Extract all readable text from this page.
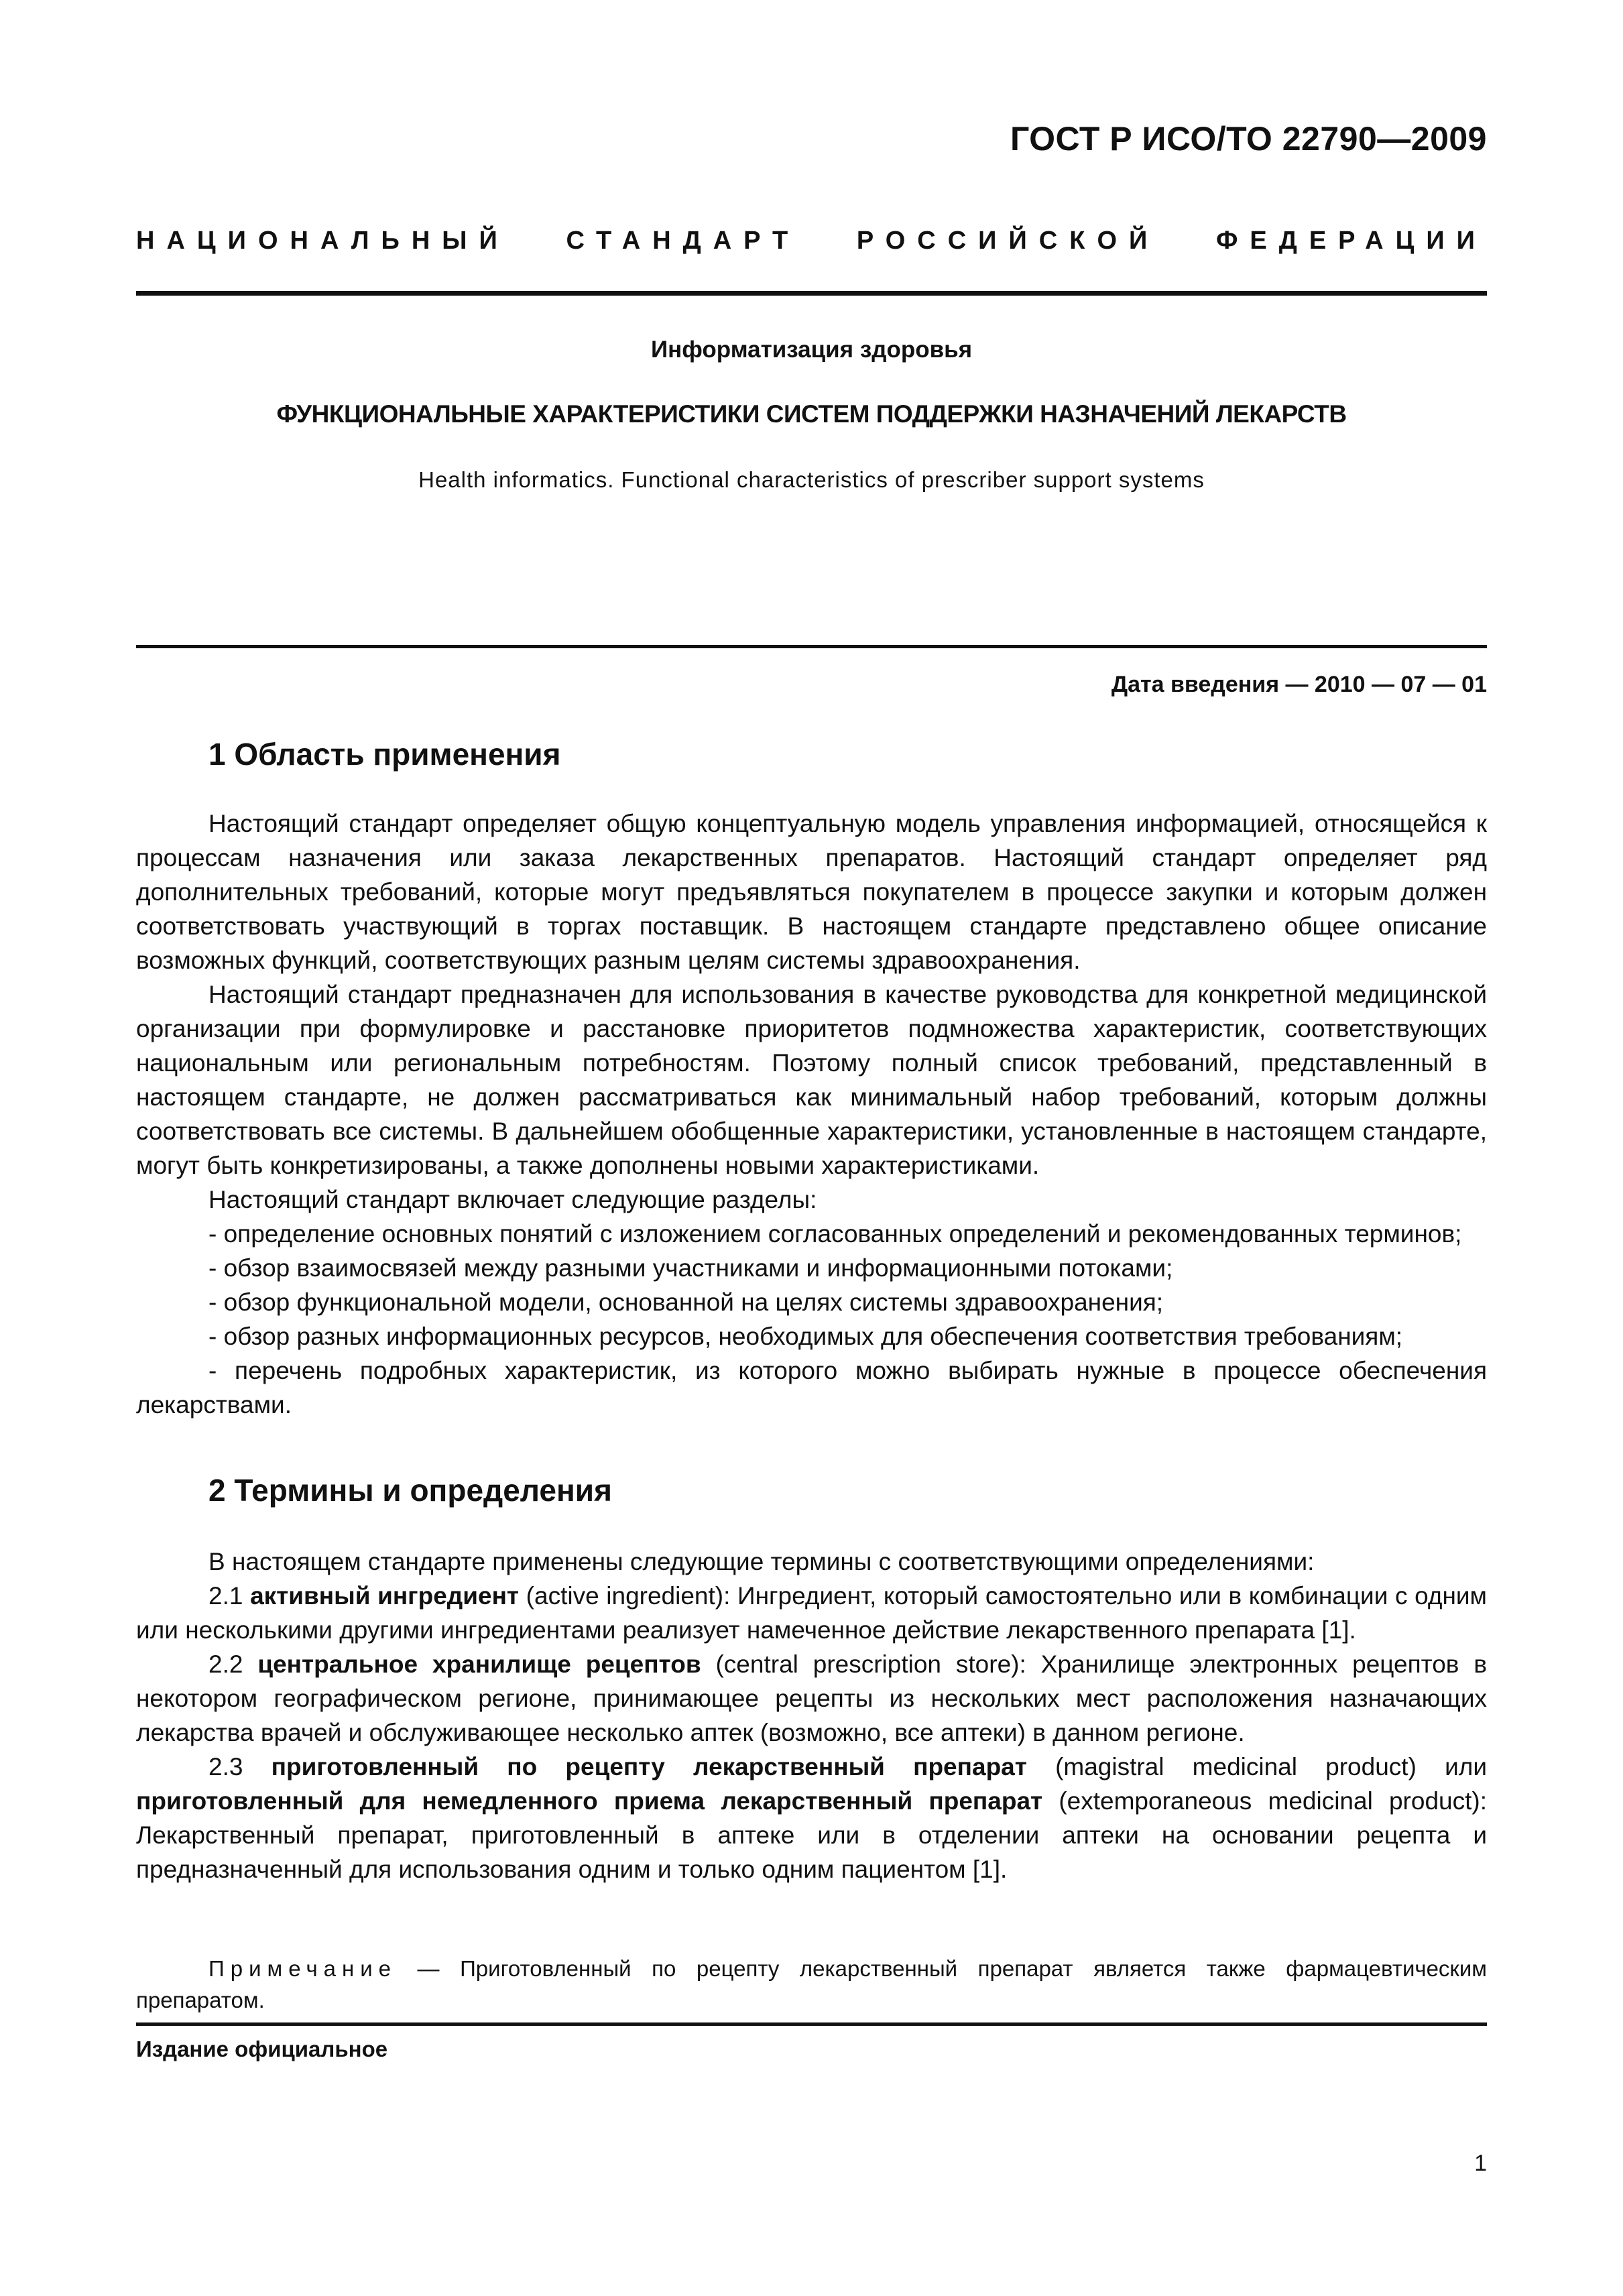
ГОСТ Р ИСО/ТО 22790—2009
НАЦИОНАЛЬНЫЙ СТАНДАРТ РОССИЙСКОЙ ФЕДЕРАЦИИ
Информатизация здоровья
ФУНКЦИОНАЛЬНЫЕ ХАРАКТЕРИСТИКИ СИСТЕМ ПОДДЕРЖКИ НАЗНАЧЕНИЙ ЛЕКАРСТВ
Health informatics. Functional characteristics of prescriber support systems
Дата введения — 2010 — 07 — 01
1 Область применения

Настоящий стандарт определяет общую концептуальную модель управления информацией, относящейся к процессам назначения или заказа лекарственных препаратов. Настоящий стандарт определяет ряд дополнительных требований, которые могут предъявляться покупателем в процессе закупки и которым должен соответствовать участвующий в торгах поставщик. В настоящем стандарте представлено общее описание возможных функций, соответствующих разным целям системы здравоохранения.

Настоящий стандарт предназначен для использования в качестве руководства для конкретной медицинской организации при формулировке и расстановке приоритетов подмножества характеристик, соответствующих национальным или региональным потребностям. Поэтому полный список требований, представленный в настоящем стандарте, не должен рассматриваться как минимальный набор требований, которым должны соответствовать все системы. В дальнейшем обобщенные характеристики, установленные в настоящем стандарте, могут быть конкретизированы, а также дополнены новыми характеристиками.

Настоящий стандарт включает следующие разделы:

- определение основных понятий с изложением согласованных определений и рекомендованных терминов;

- обзор взаимосвязей между разными участниками и информационными потоками;

- обзор функциональной модели, основанной на целях системы здравоохранения;

- обзор разных информационных ресурсов, необходимых для обеспечения соответствия требованиям;

- перечень подробных характеристик, из которого можно выбирать нужные в процессе обеспечения лекарствами.

2 Термины и определения

В настоящем стандарте применены следующие термины с соответствующими определениями:

2.1 активный ингредиент (active ingredient): Ингредиент, который самостоятельно или в комбинации с одним или несколькими другими ингредиентами реализует намеченное действие лекарственного препарата [1].

2.2 центральное хранилище рецептов (central prescription store): Хранилище электронных рецептов в некотором географическом регионе, принимающее рецепты из нескольких мест расположения назначающих лекарства врачей и обслуживающее несколько аптек (возможно, все аптеки) в данном регионе.

2.3 приготовленный по рецепту лекарственный препарат (magistral medicinal product) или приготовленный для немедленного приема лекарственный препарат (extemporaneous medicinal product): Лекарственный препарат, приготовленный в аптеке или в отделении аптеки на основании рецепта и предназначенный для использования одним и только одним пациентом [1].

Примечание — Приготовленный по рецепту лекарственный препарат является также фармацевтическим препаратом.
Издание официальное
1
